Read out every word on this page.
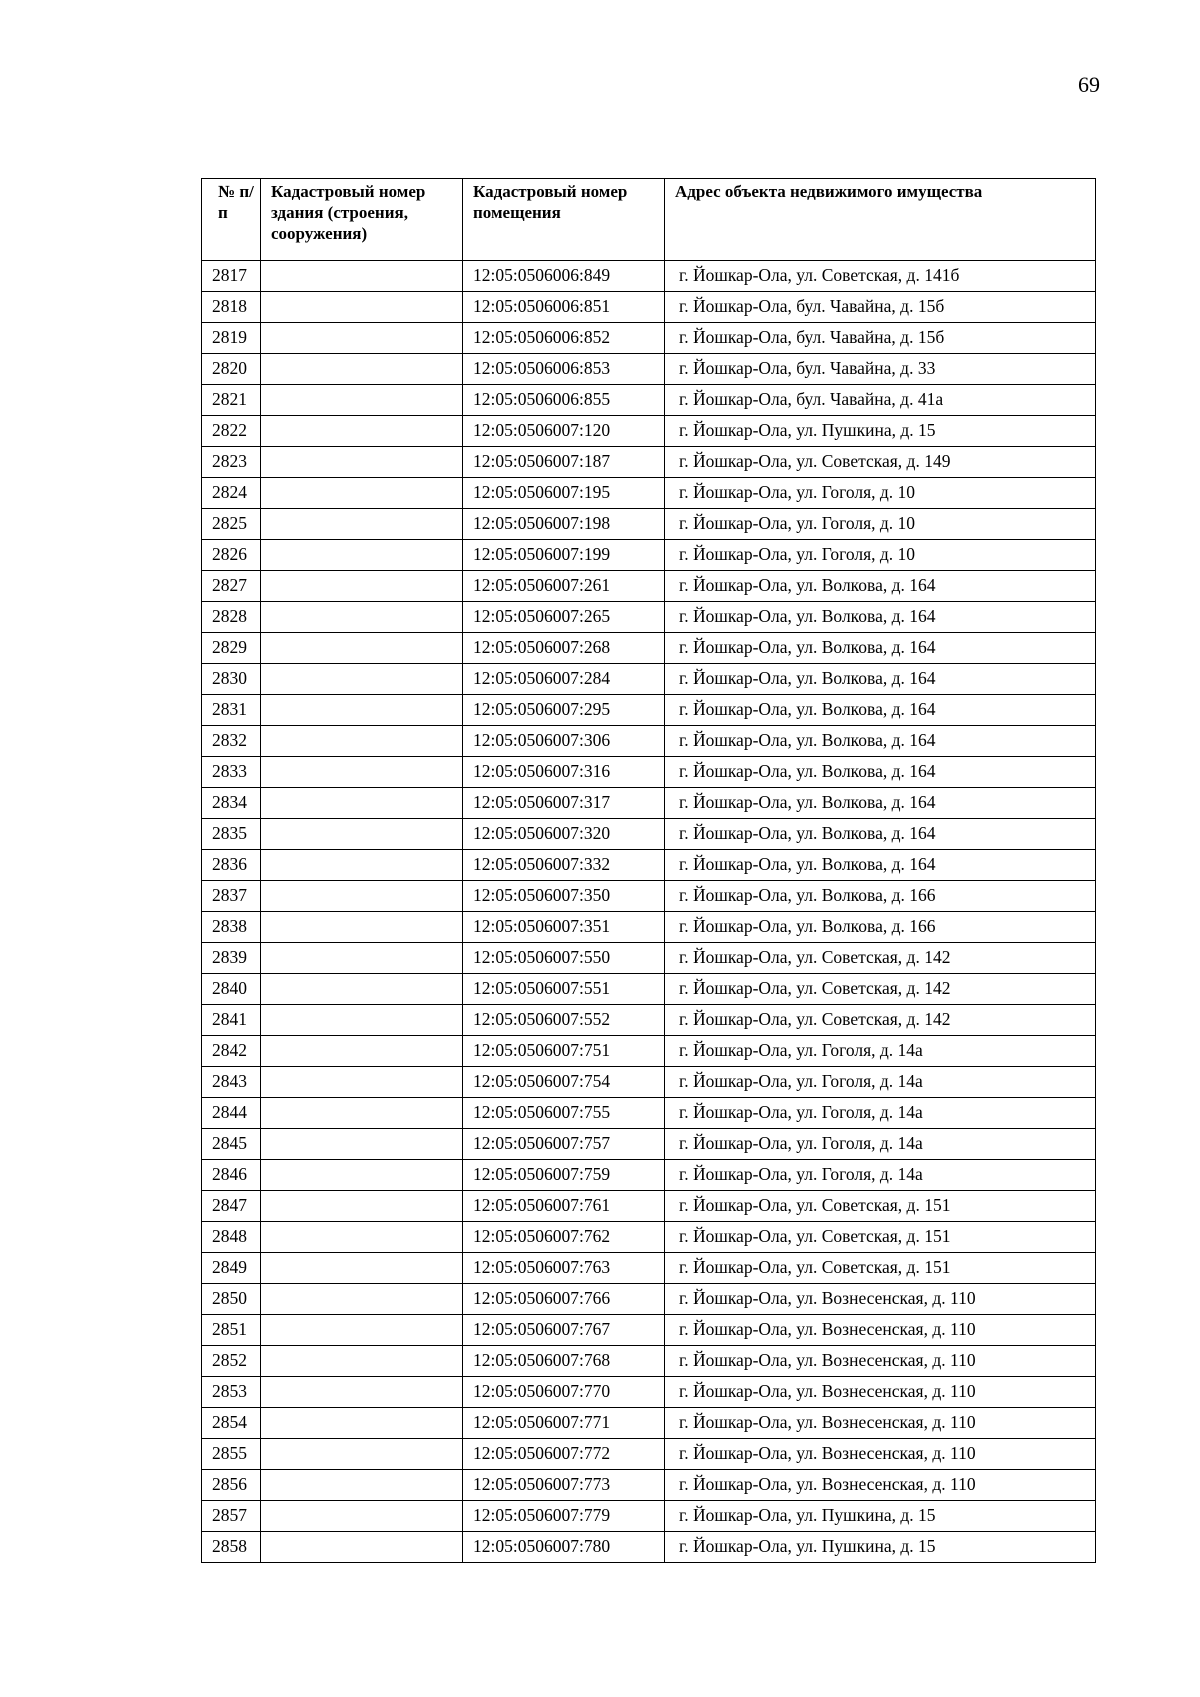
69
№ п/п	Кадастровый номер здания (строения, сооружения)	Кадастровый номер помещения	Адрес объекта недвижимого имущества
2817		12:05:0506006:849	г. Йошкар-Ола, ул. Советская, д. 141б
2818		12:05:0506006:851	г. Йошкар-Ола, бул. Чавайна, д. 15б
2819		12:05:0506006:852	г. Йошкар-Ола, бул. Чавайна, д. 15б
2820		12:05:0506006:853	г. Йошкар-Ола, бул. Чавайна, д. 33
2821		12:05:0506006:855	г. Йошкар-Ола, бул. Чавайна, д. 41а
2822		12:05:0506007:120	г. Йошкар-Ола, ул. Пушкина, д. 15
2823		12:05:0506007:187	г. Йошкар-Ола, ул. Советская, д. 149
2824		12:05:0506007:195	г. Йошкар-Ола, ул. Гоголя, д. 10
2825		12:05:0506007:198	г. Йошкар-Ола, ул. Гоголя, д. 10
2826		12:05:0506007:199	г. Йошкар-Ола, ул. Гоголя, д. 10
2827		12:05:0506007:261	г. Йошкар-Ола, ул. Волкова, д. 164
2828		12:05:0506007:265	г. Йошкар-Ола, ул. Волкова, д. 164
2829		12:05:0506007:268	г. Йошкар-Ола, ул. Волкова, д. 164
2830		12:05:0506007:284	г. Йошкар-Ола, ул. Волкова, д. 164
2831		12:05:0506007:295	г. Йошкар-Ола, ул. Волкова, д. 164
2832		12:05:0506007:306	г. Йошкар-Ола, ул. Волкова, д. 164
2833		12:05:0506007:316	г. Йошкар-Ола, ул. Волкова, д. 164
2834		12:05:0506007:317	г. Йошкар-Ола, ул. Волкова, д. 164
2835		12:05:0506007:320	г. Йошкар-Ола, ул. Волкова, д. 164
2836		12:05:0506007:332	г. Йошкар-Ола, ул. Волкова, д. 164
2837		12:05:0506007:350	г. Йошкар-Ола, ул. Волкова, д. 166
2838		12:05:0506007:351	г. Йошкар-Ола, ул. Волкова, д. 166
2839		12:05:0506007:550	г. Йошкар-Ола, ул. Советская, д. 142
2840		12:05:0506007:551	г. Йошкар-Ола, ул. Советская, д. 142
2841		12:05:0506007:552	г. Йошкар-Ола, ул. Советская, д. 142
2842		12:05:0506007:751	г. Йошкар-Ола, ул. Гоголя, д. 14а
2843		12:05:0506007:754	г. Йошкар-Ола, ул. Гоголя, д. 14а
2844		12:05:0506007:755	г. Йошкар-Ола, ул. Гоголя, д. 14а
2845		12:05:0506007:757	г. Йошкар-Ола, ул. Гоголя, д. 14а
2846		12:05:0506007:759	г. Йошкар-Ола, ул. Гоголя, д. 14а
2847		12:05:0506007:761	г. Йошкар-Ола, ул. Советская, д. 151
2848		12:05:0506007:762	г. Йошкар-Ола, ул. Советская, д. 151
2849		12:05:0506007:763	г. Йошкар-Ола, ул. Советская, д. 151
2850		12:05:0506007:766	г. Йошкар-Ола, ул. Вознесенская, д. 110
2851		12:05:0506007:767	г. Йошкар-Ола, ул. Вознесенская, д. 110
2852		12:05:0506007:768	г. Йошкар-Ола, ул. Вознесенская, д. 110
2853		12:05:0506007:770	г. Йошкар-Ола, ул. Вознесенская, д. 110
2854		12:05:0506007:771	г. Йошкар-Ола, ул. Вознесенская, д. 110
2855		12:05:0506007:772	г. Йошкар-Ола, ул. Вознесенская, д. 110
2856		12:05:0506007:773	г. Йошкар-Ола, ул. Вознесенская, д. 110
2857		12:05:0506007:779	г. Йошкар-Ола, ул. Пушкина, д. 15
2858		12:05:0506007:780	г. Йошкар-Ола, ул. Пушкина, д. 15
